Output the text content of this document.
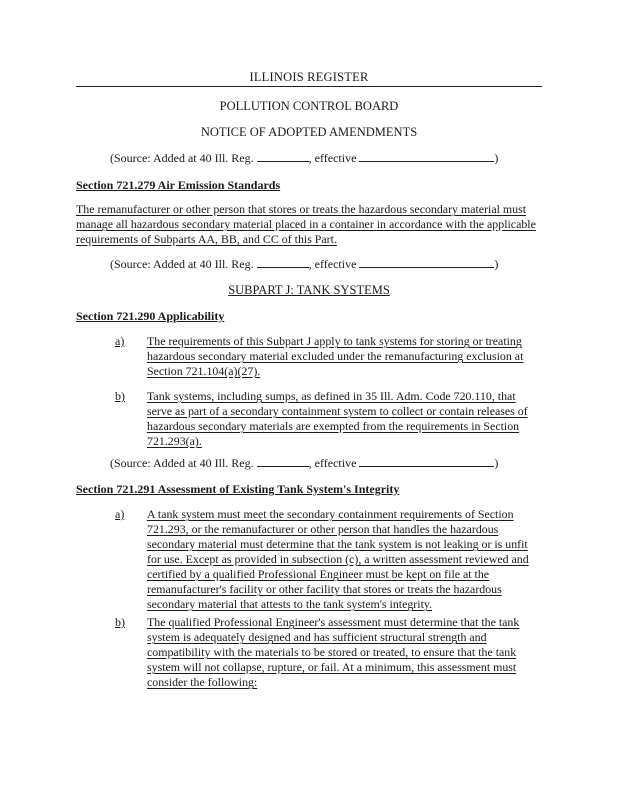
ILLINOIS REGISTER
POLLUTION CONTROL BOARD
NOTICE OF ADOPTED AMENDMENTS
(Source: Added at 40 Ill. Reg.	, effective	)
Section 721.279 Air Emission Standards
The remanufacturer or other person that stores or treats the hazardous secondary material must
manage all hazardous secondary material placed in a container in accordance with the applicable
requirements of Subparts AA, BB, and CC of this Part.
(Source: Added at 40 Ill. Reg.	, effective	)
SUBPART J: TANK SYSTEMS
Section 721.290 Applicability
a) The requirements of this Subpart J apply to tank systems for storing or treating
hazardous secondary material excluded under the remanufacturing exclusion at
Section 721.104(a)(27).
b) Tank systems, including sumps, as defined in 35 Ill. Adm. Code 720.110, that
serve as part of a secondary containment system to collect or contain releases of
hazardous secondary materials are exempted from the requirements in Section
721.293(a).
(Source: Added at 40 Ill. Reg.	, effective	)
Section 721.291 Assessment of Existing Tank System's Integrity
a) A tank system must meet the secondary containment requirements of Section
721.293, or the remanufacturer or other person that handles the hazardous
secondary material must determine that the tank system is not leaking or is unfit
for use. Except as provided in subsection (c), a written assessment reviewed and
certified by a qualified Professional Engineer must be kept on file at the
remanufacturer's facility or other facility that stores or treats the hazardous
secondary material that attests to the tank system's integrity.
b) The qualified Professional Engineer's assessment must determine that the tank
system is adequately designed and has sufficient structural strength and
compatibility with the materials to be stored or treated, to ensure that the tank
system will not collapse, rupture, or fail. At a minimum, this assessment must
consider the following:
